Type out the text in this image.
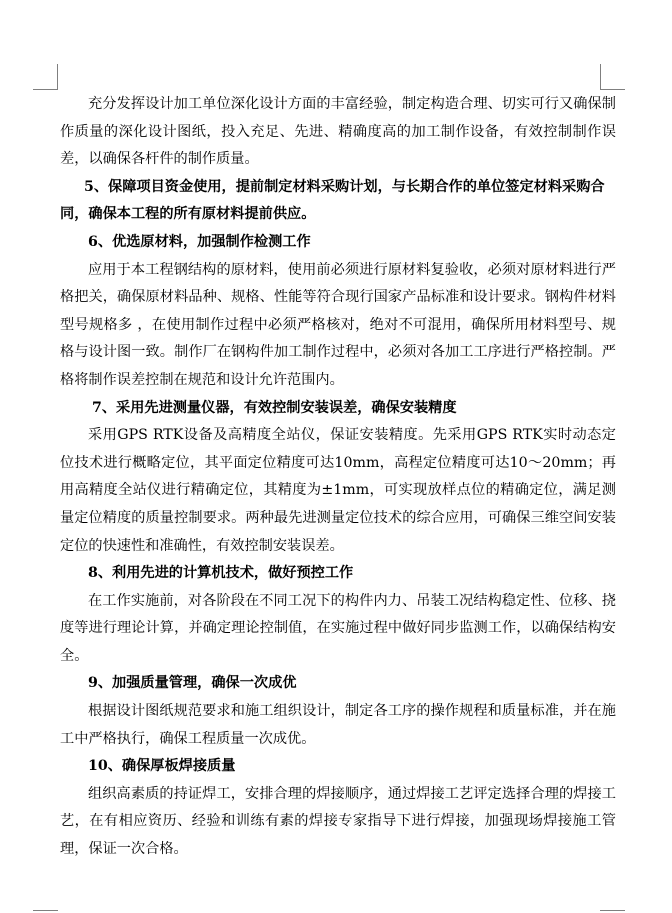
充分发挥设计加工单位深化设计方面的丰富经验，制定构造合理、切实可行又确保制作质量的深化设计图纸，投入充足、先进、精确度高的加工制作设备，有效控制制作误差，以确保各杆件的制作质量。

5、保障项目资金使用，提前制定材料采购计划，与长期合作的单位签定材料采购合同，确保本工程的所有原材料提前供应。

6、优选原材料，加强制作检测工作

应用于本工程钢结构的原材料，使用前必须进行原材料复验收，必须对原材料进行严格把关，确保原材料品种、规格、性能等符合现行国家产品标准和设计要求。钢构件材料型号规格多 ，在使用制作过程中必须严格核对，绝对不可混用，确保所用材料型号、规格与设计图一致。制作厂在钢构件加工制作过程中，必须对各加工工序进行严格控制。严格将制作误差控制在规范和设计允许范围内。

7、采用先进测量仪器，有效控制安装误差，确保安装精度

采用GPS RTK设备及高精度全站仪，保证安装精度。先采用GPS RTK实时动态定位技术进行概略定位，其平面定位精度可达10mm，高程定位精度可达10～20mm；再用高精度全站仪进行精确定位，其精度为±1mm，可实现放样点位的精确定位，满足测量定位精度的质量控制要求。两种最先进测量定位技术的综合应用，可确保三维空间安装定位的快速性和准确性，有效控制安装误差。

8、利用先进的计算机技术，做好预控工作

在工作实施前，对各阶段在不同工况下的构件内力、吊装工况结构稳定性、位移、挠度等进行理论计算，并确定理论控制值，在实施过程中做好同步监测工作，以确保结构安全。

9、加强质量管理，确保一次成优

根据设计图纸规范要求和施工组织设计，制定各工序的操作规程和质量标准，并在施工中严格执行，确保工程质量一次成优。

10、确保厚板焊接质量

组织高素质的持证焊工，安排合理的焊接顺序，通过焊接工艺评定选择合理的焊接工艺，在有相应资历、经验和训练有素的焊接专家指导下进行焊接，加强现场焊接施工管理，保证一次合格。
